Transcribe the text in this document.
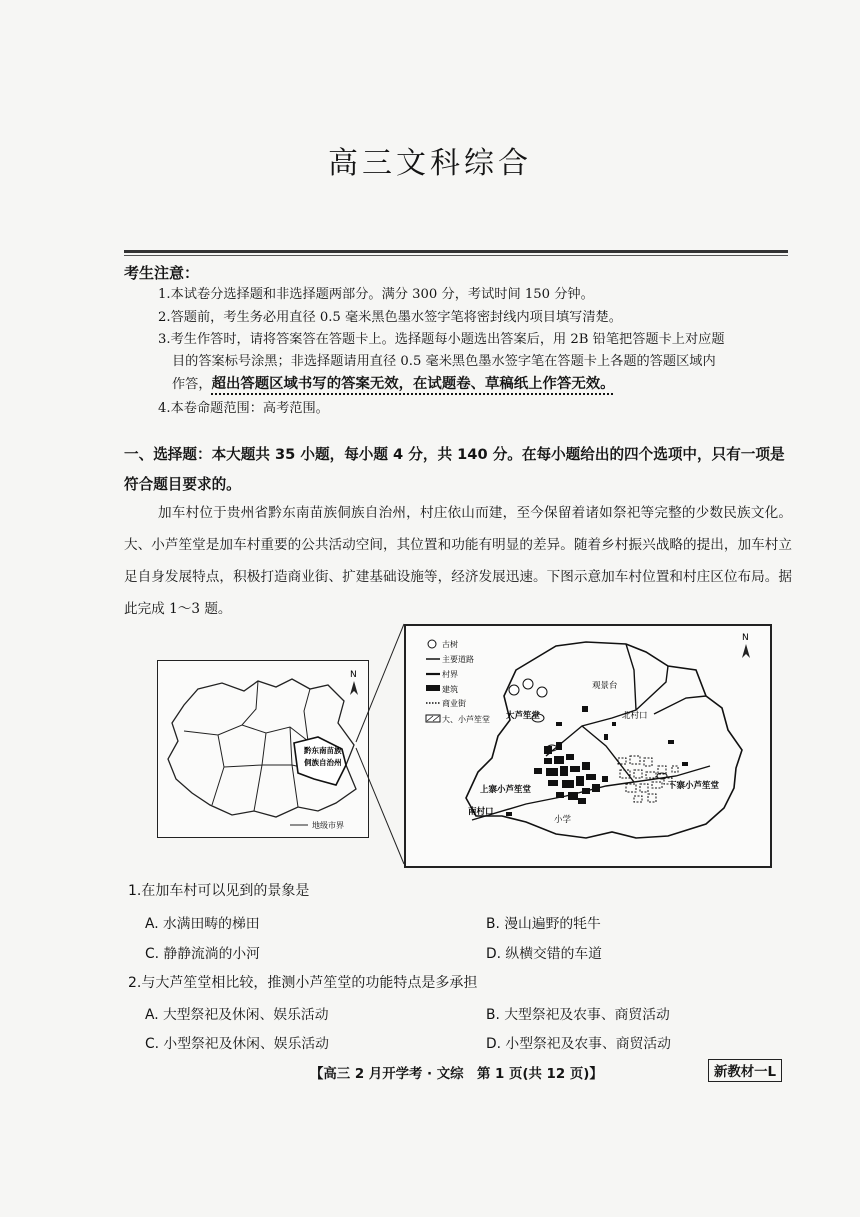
高三文科综合
考生注意：
1.本试卷分选择题和非选择题两部分。满分 300 分，考试时间 150 分钟。
2.答题前，考生务必用直径 0.5 毫米黑色墨水签字笔将密封线内项目填写清楚。
3.考生作答时，请将答案答在答题卡上。选择题每小题选出答案后，用 2B 铅笔把答题卡上对应题
目的答案标号涂黑；非选择题请用直径 0.5 毫米黑色墨水签字笔在答题卡上各题的答题区域内
作答，超出答题区域书写的答案无效，在试题卷、草稿纸上作答无效。
4.本卷命题范围：高考范围。
一、选择题：本大题共 35 小题，每小题 4 分，共 140 分。在每小题给出的四个选项中，只有一项是符合题目要求的。
加车村位于贵州省黔东南苗族侗族自治州，村庄依山而建，至今保留着诸如祭祀等完整的少数民族文化。大、小芦笙堂是加车村重要的公共活动空间，其位置和功能有明显的差异。随着乡村振兴战略的提出，加车村立足自身发展特点，积极打造商业街、扩建基础设施等，经济发展迅速。下图示意加车村位置和村庄区位布局。据此完成 1～3 题。
黔东南苗族
侗族自治州
N
地级市界
古树
主要道路
村界
建筑
商业街
大、小芦笙堂
N
观景台
北村口
大芦笙堂
上寨小芦笙堂	下寨小芦笙堂
南村口
小学
1.在加车村可以见到的景象是
A. 水满田畴的梯田	B. 漫山遍野的牦牛
C. 静静流淌的小河	D. 纵横交错的车道
2.与大芦笙堂相比较，推测小芦笙堂的功能特点是多承担
A. 大型祭祀及休闲、娱乐活动	B. 大型祭祀及农事、商贸活动
C. 小型祭祀及休闲、娱乐活动	D. 小型祭祀及农事、商贸活动
【高三 2 月开学考 · 文综　第 1 页(共 12 页)】	新教材一L
